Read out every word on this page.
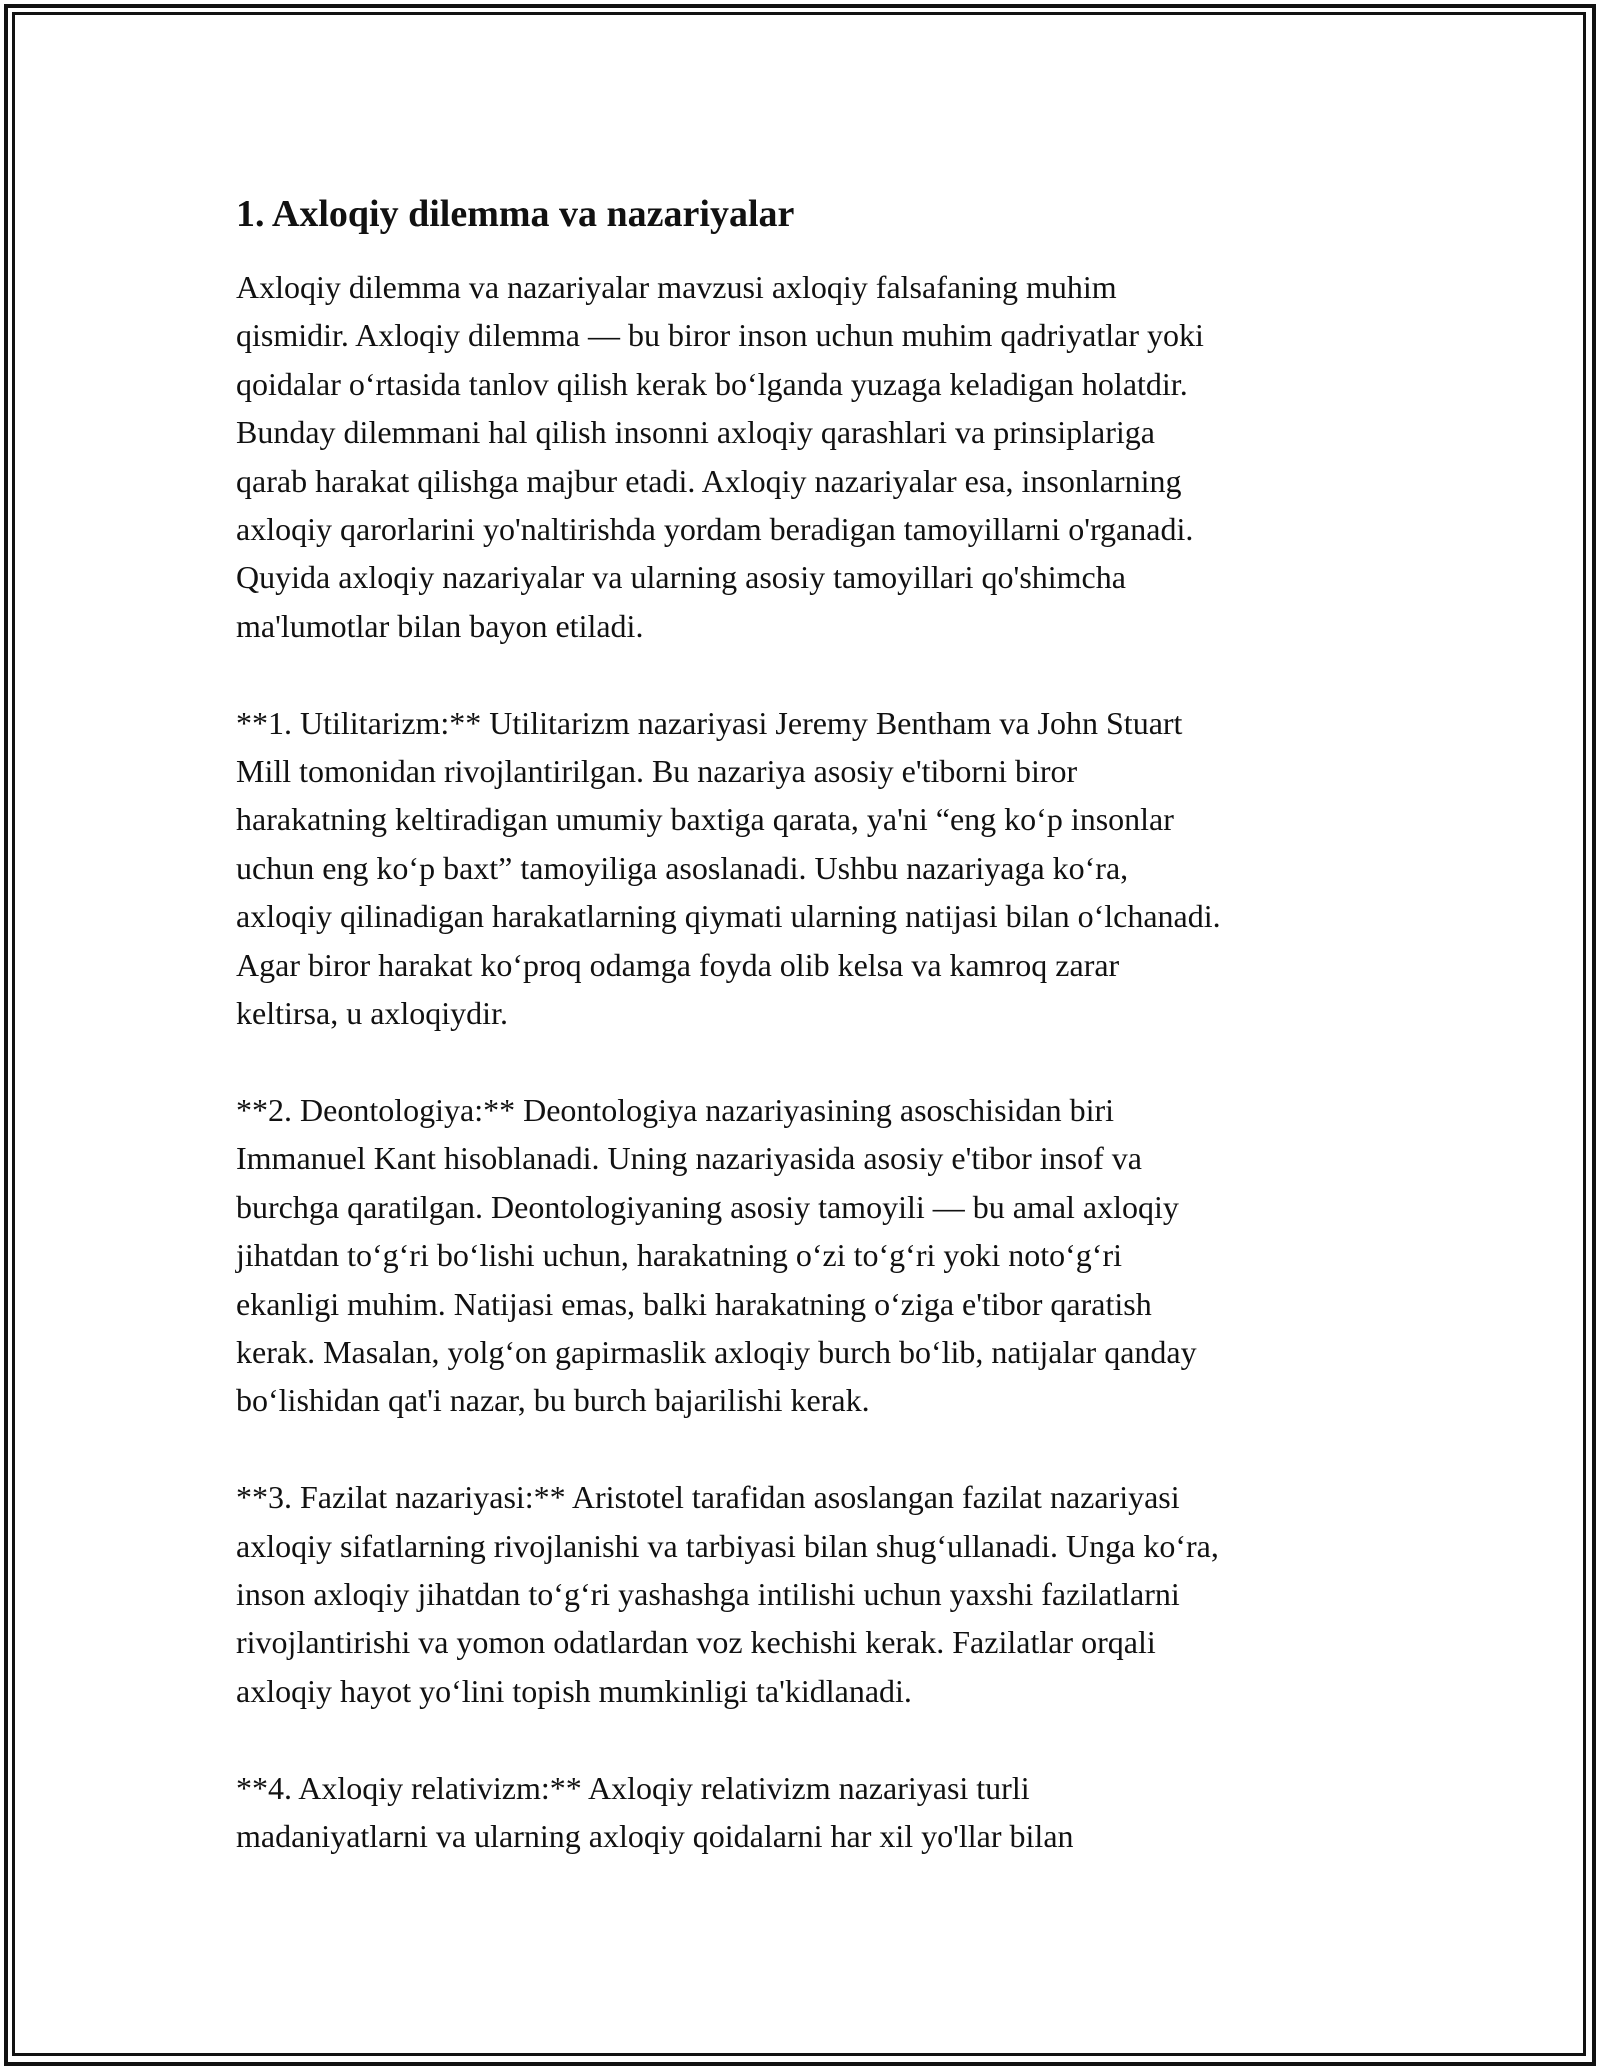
1. Axloqiy dilemma va nazariyalar

Axloqiy dilemma va nazariyalar mavzusi axloqiy falsafaning muhim
qismidir. Axloqiy dilemma — bu biror inson uchun muhim qadriyatlar yoki
qoidalar oʻrtasida tanlov qilish kerak boʻlganda yuzaga keladigan holatdir.
Bunday dilemmani hal qilish insonni axloqiy qarashlari va prinsiplariga
qarab harakat qilishga majbur etadi. Axloqiy nazariyalar esa, insonlarning
axloqiy qarorlarini yo'naltirishda yordam beradigan tamoyillarni o'rganadi.
Quyida axloqiy nazariyalar va ularning asosiy tamoyillari qo'shimcha
ma'lumotlar bilan bayon etiladi.

**1. Utilitarizm:** Utilitarizm nazariyasi Jeremy Bentham va John Stuart
Mill tomonidan rivojlantirilgan. Bu nazariya asosiy e'tiborni biror
harakatning keltiradigan umumiy baxtiga qarata, ya'ni “eng koʻp insonlar
uchun eng koʻp baxt” tamoyiliga asoslanadi. Ushbu nazariyaga koʻra,
axloqiy qilinadigan harakatlarning qiymati ularning natijasi bilan oʻlchanadi.
Agar biror harakat koʻproq odamga foyda olib kelsa va kamroq zarar
keltirsa, u axloqiydir.

**2. Deontologiya:** Deontologiya nazariyasining asoschisidan biri
Immanuel Kant hisoblanadi. Uning nazariyasida asosiy e'tibor insof va
burchga qaratilgan. Deontologiyaning asosiy tamoyili — bu amal axloqiy
jihatdan toʻgʻri boʻlishi uchun, harakatning oʻzi toʻgʻri yoki notoʻgʻri
ekanligi muhim. Natijasi emas, balki harakatning oʻziga e'tibor qaratish
kerak. Masalan, yolgʻon gapirmaslik axloqiy burch boʻlib, natijalar qanday
boʻlishidan qat'i nazar, bu burch bajarilishi kerak.

**3. Fazilat nazariyasi:** Aristotel tarafidan asoslangan fazilat nazariyasi
axloqiy sifatlarning rivojlanishi va tarbiyasi bilan shugʻullanadi. Unga koʻra,
inson axloqiy jihatdan toʻgʻri yashashga intilishi uchun yaxshi fazilatlarni
rivojlantirishi va yomon odatlardan voz kechishi kerak. Fazilatlar orqali
axloqiy hayot yoʻlini topish mumkinligi ta'kidlanadi.

**4. Axloqiy relativizm:** Axloqiy relativizm nazariyasi turli
madaniyatlarni va ularning axloqiy qoidalarni har xil yo'llar bilan
